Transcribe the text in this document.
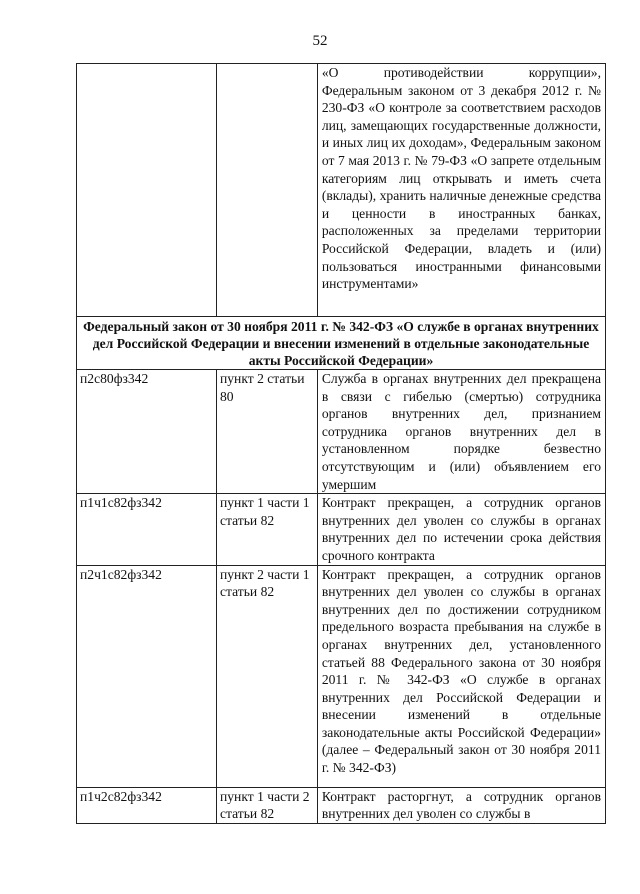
52
		«О противодействии коррупции», Федеральным законом от 3 декабря 2012 г. № 230-ФЗ «О контроле за соответствием расходов лиц, замещающих государственные должности, и иных лиц их доходам», Федеральным законом от 7 мая 2013 г. № 79-ФЗ «О запрете отдельным категориям лиц открывать и иметь счета (вклады), хранить наличные денежные средства и ценности в иностранных банках, расположенных за пределами территории Российской Федерации, владеть и (или) пользоваться иностранными финансовыми инструментами»
Федеральный закон от 30 ноября 2011 г. № 342-ФЗ «О службе в органах внутренних дел Российской Федерации и внесении изменений в отдельные законодательные акты Российской Федерации»		
п2с80фз342	пункт 2 статьи 80	Служба в органах внутренних дел прекращена в связи с гибелью (смертью) сотрудника органов внутренних дел, признанием сотрудника органов внутренних дел в установленном порядке безвестно отсутствующим и (или) объявлением его умершим
п1ч1с82фз342	пункт 1 части 1 статьи 82	Контракт прекращен, а сотрудник органов внутренних дел уволен со службы в органах внутренних дел по истечении срока действия срочного контракта
п2ч1с82фз342	пункт 2 части 1 статьи 82	Контракт прекращен, а сотрудник органов внутренних дел уволен со службы в органах внутренних дел по достижении сотрудником предельного возраста пребывания на службе в органах внутренних дел, установленного статьей 88 Федерального закона от 30 ноября 2011 г. № 342-ФЗ «О службе в органах внутренних дел Российской Федерации и внесении изменений в отдельные законодательные акты Российской Федерации» (далее – Федеральный закон от 30 ноября 2011 г. № 342-ФЗ)
п1ч2с82фз342	пункт 1 части 2 статьи 82	Контракт расторгнут, а сотрудник органов внутренних дел уволен со службы в
